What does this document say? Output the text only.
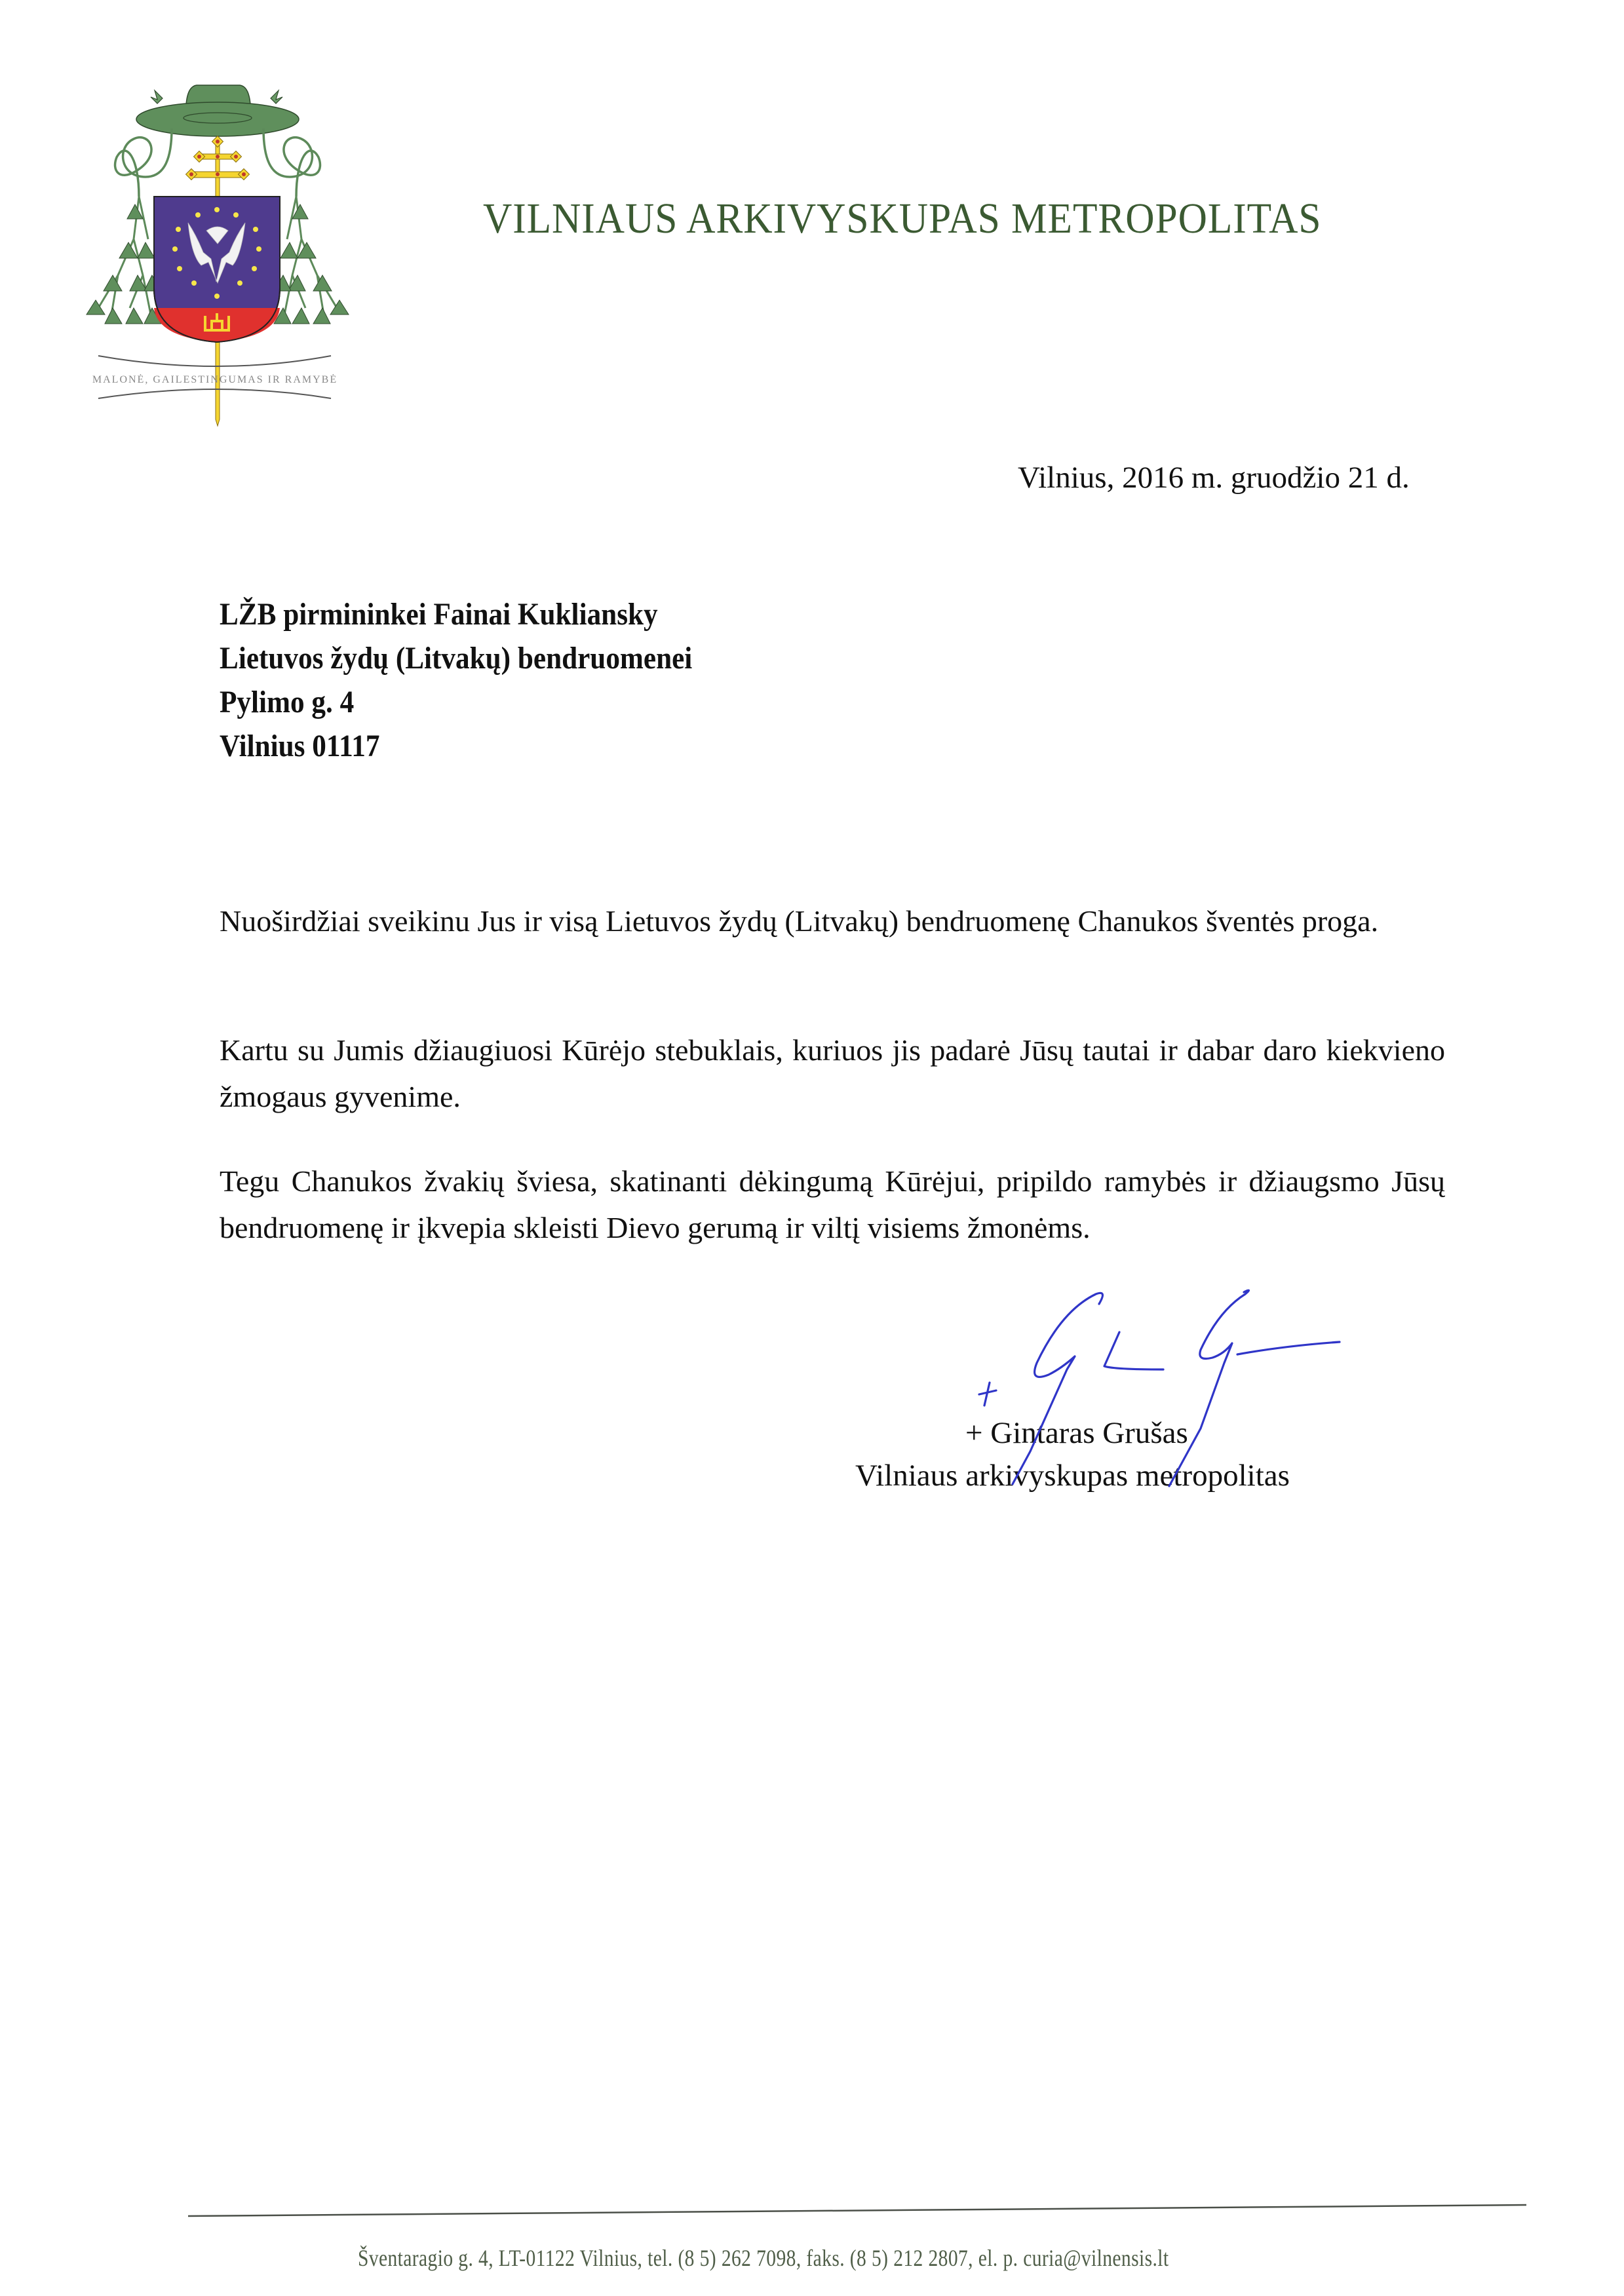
MALONĖ, GAILESTINGUMAS IR RAMYBĖ
VILNIAUS ARKIVYSKUPAS METROPOLITAS
Vilnius, 2016 m. gruodžio 21 d.
LŽB pirmininkei Fainai Kukliansky
Lietuvos žydų (Litvakų) bendruomenei
Pylimo g. 4
Vilnius 01117

Nuoširdžiai sveikinu Jus ir visą Lietuvos žydų (Litvakų) bendruomenę Chanukos šventės proga.

Kartu su Jumis džiaugiuosi Kūrėjo stebuklais, kuriuos jis padarė Jūsų tautai ir dabar daro kiekvieno žmogaus gyvenime.

Tegu Chanukos žvakių šviesa, skatinanti dėkingumą Kūrėjui, pripildo ramybės ir džiaugsmo Jūsų bendruomenę ir įkvepia skleisti Dievo gerumą ir viltį visiems žmonėms.

+ Gintaras Grušas
Vilniaus arkivyskupas metropolitas
Šventaragio g. 4, LT-01122 Vilnius, tel. (8 5) 262 7098, faks. (8 5) 212 2807, el. p. curia@vilnensis.lt
